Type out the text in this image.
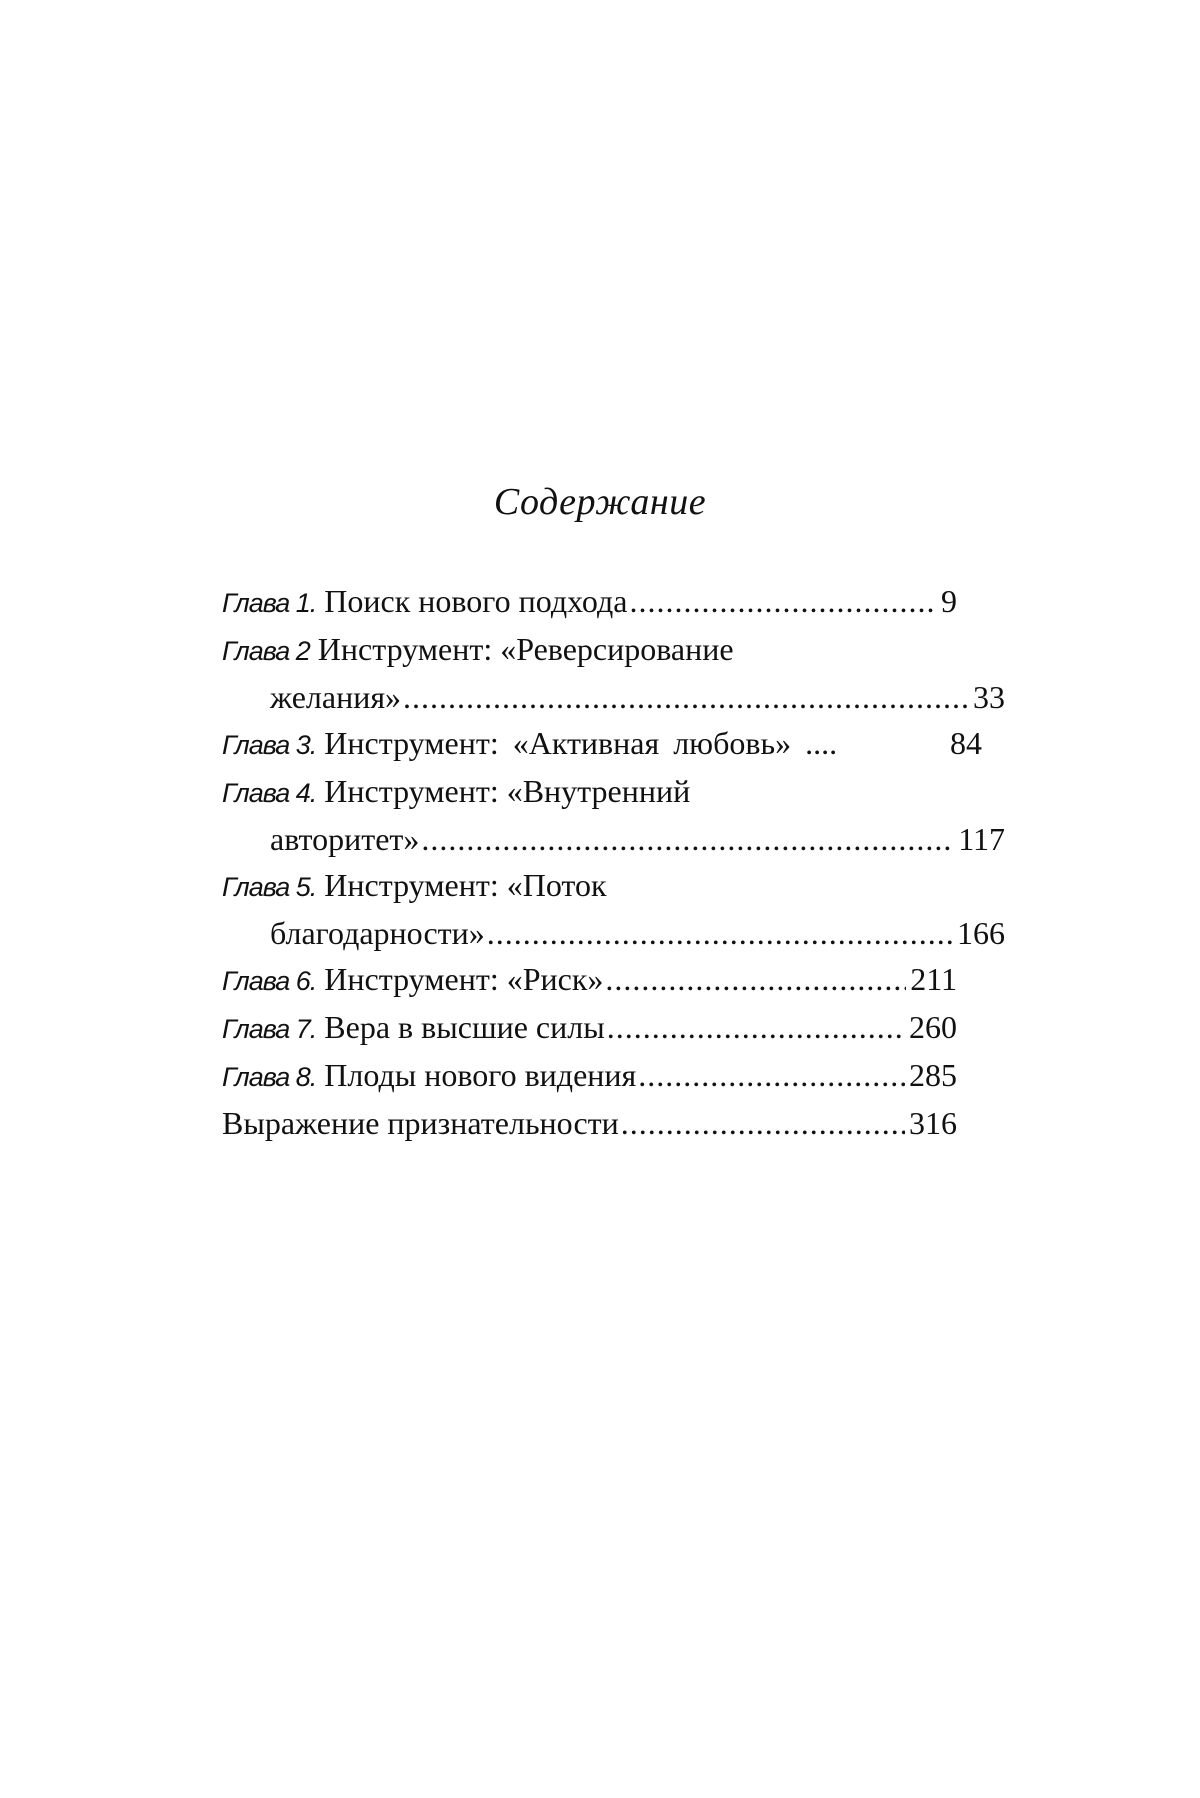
Содержание
Глава 1. Поиск нового подхода .....	9
Глава 2 Инструмент: «Реверсирование
желания» .....	33
Глава 3. Инструмент: «Активная любовь» ....	84
Глава 4. Инструмент: «Внутренний
авторитет» .....	117
Глава 5. Инструмент: «Поток
благодарности» .....	166
Глава 6. Инструмент: «Риск» .....	211
Глава 7. Вера в высшие силы .....	260
Глава 8. Плоды нового видения .....	285
Выражение признательности .....	316
